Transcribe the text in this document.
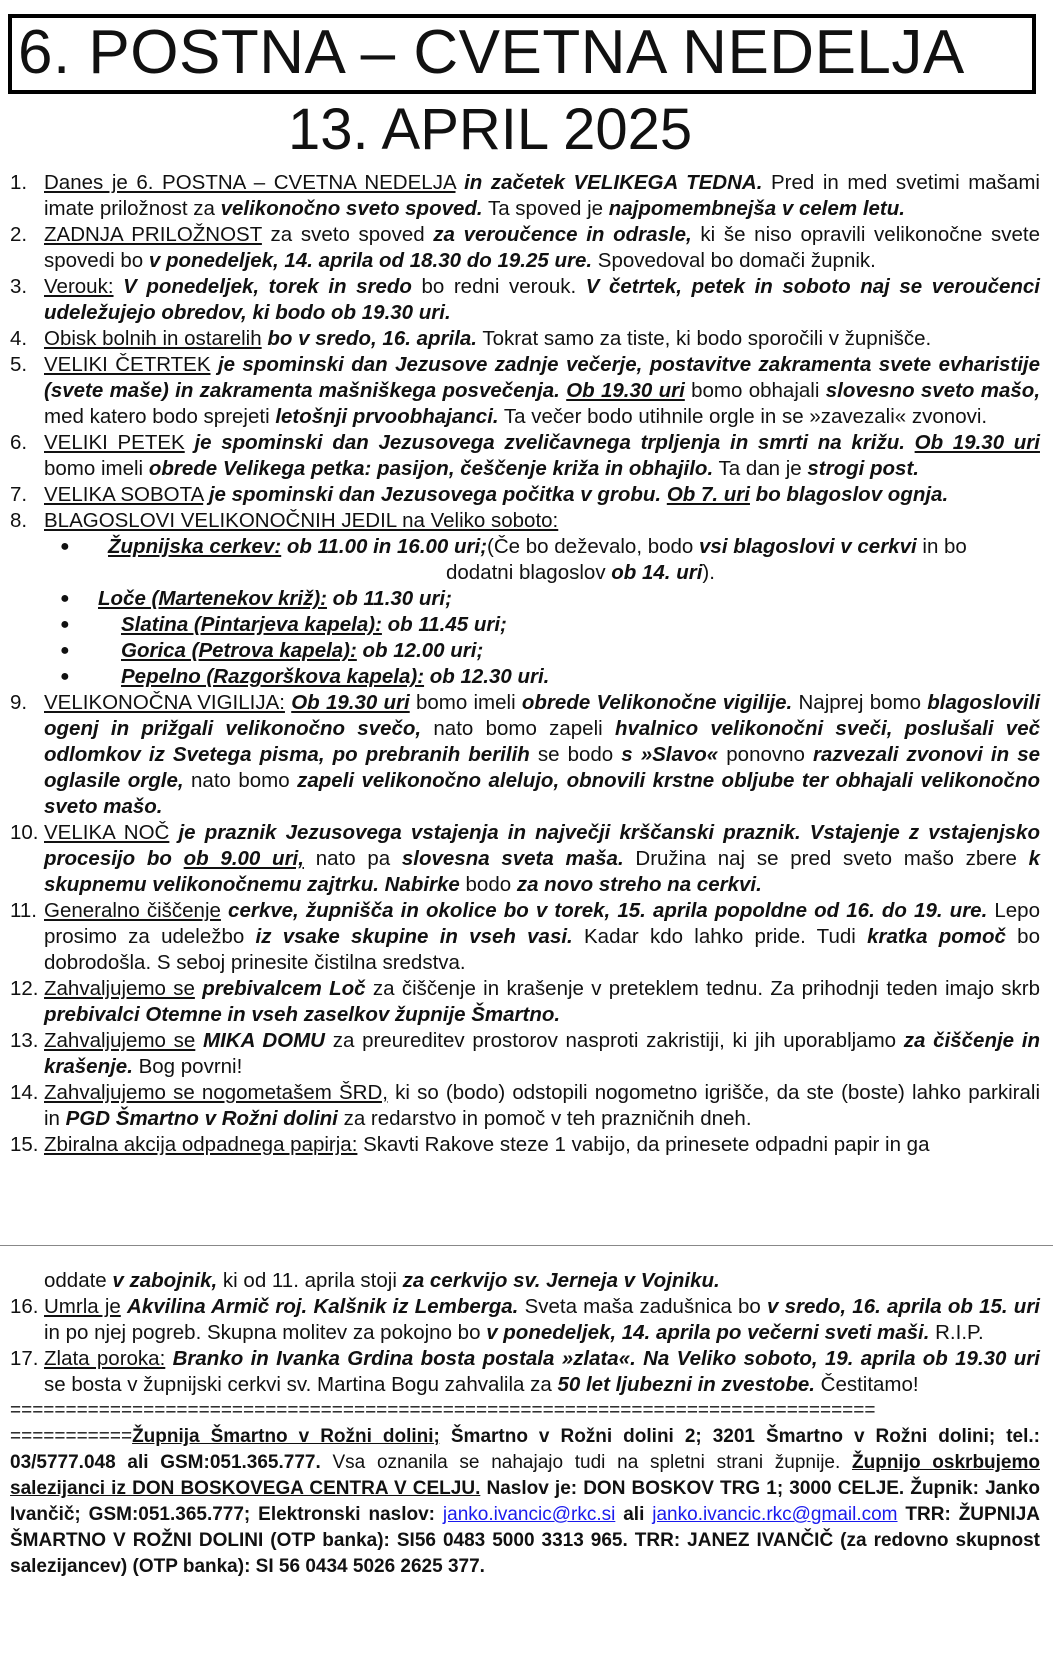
6. POSTNA – CVETNA NEDELJA
13. APRIL 2025
1. Danes je 6. POSTNA – CVETNA NEDELJA in začetek VELIKEGA TEDNA. Pred in med svetimi mašami imate priložnost za velikonočno sveto spoved. Ta spoved je najpomembnejša v celem letu.
2. ZADNJA PRILOŽNOST za sveto spoved za veroučence in odrasle, ki še niso opravili velikonočne svete spovedi bo v ponedeljek, 14. aprila od 18.30 do 19.25 ure. Spovedoval bo domači župnik.
3. Verouk: V ponedeljek, torek in sredo bo redni verouk. V četrtek, petek in soboto naj se veroučenci udeležujejo obredov, ki bodo ob 19.30 uri.
4. Obisk bolnih in ostarelih bo v sredo, 16. aprila. Tokrat samo za tiste, ki bodo sporočili v župnišče.
5. VELIKI ČETRTEK je spominski dan Jezusove zadnje večerje, postavitve zakramenta svete evharistije (svete maše) in zakramenta mašniškega posvečenja. Ob 19.30 uri bomo obhajali slovesno sveto mašo, med katero bodo sprejeti letošnji prvoobhajanci. Ta večer bodo utihnile orgle in se »zavezali« zvonovi.
6. VELIKI PETEK je spominski dan Jezusovega zveličavnega trpljenja in smrti na križu. Ob 19.30 uri bomo imeli obrede Velikega petka: pasijon, češčenje križa in obhajilo. Ta dan je strogi post.
7. VELIKA SOBOTA je spominski dan Jezusovega počitka v grobu. Ob 7. uri bo blagoslov ognja.
8. BLAGOSLOVI VELIKONOČNIH JEDIL na Veliko soboto:
● Župnijska cerkev: ob 11.00 in 16.00 uri;(Če bo deževalo, bodo vsi blagoslovi v cerkvi in bo
dodatni blagoslov ob 14. uri).
● Loče (Martenekov križ): ob 11.30 uri;
●	Slatina (Pintarjeva kapela): ob 11.45 uri;
●	Gorica (Petrova kapela): ob 12.00 uri;
●	Pepelno (Razgorškova kapela): ob 12.30 uri.
9. VELIKONOČNA VIGILIJA: Ob 19.30 uri bomo imeli obrede Velikonočne vigilije. Najprej bomo blagoslovili ogenj in prižgali velikonočno svečo, nato bomo zapeli hvalnico velikonočni sveči, poslušali več odlomkov iz Svetega pisma, po prebranih berilih se bodo s »Slavo« ponovno razvezali zvonovi in se oglasile orgle, nato bomo zapeli velikonočno alelujo, obnovili krstne obljube ter obhajali velikonočno sveto mašo.
10. VELIKA NOČ je praznik Jezusovega vstajenja in največji krščanski praznik. Vstajenje z vstajenjsko procesijo bo ob 9.00 uri, nato pa slovesna sveta maša. Družina naj se pred sveto mašo zbere k skupnemu velikonočnemu zajtrku. Nabirke bodo za novo streho na cerkvi.
11. Generalno čiščenje cerkve, župnišča in okolice bo v torek, 15. aprila popoldne od 16. do 19. ure. Lepo prosimo za udeležbo iz vsake skupine in vseh vasi. Kadar kdo lahko pride. Tudi kratka pomoč bo dobrodošla. S seboj prinesite čistilna sredstva.
12. Zahvaljujemo se prebivalcem Loč za čiščenje in krašenje v preteklem tednu. Za prihodnji teden imajo skrb prebivalci Otemne in vseh zaselkov župnije Šmartno.
13. Zahvaljujemo se MIKA DOMU za preureditev prostorov nasproti zakristiji, ki jih uporabljamo za čiščenje in krašenje. Bog povrni!
14. Zahvaljujemo se nogometašem ŠRD, ki so (bodo) odstopili nogometno igrišče, da ste (boste) lahko parkirali in PGD Šmartno v Rožni dolini za redarstvo in pomoč v teh prazničnih dneh.
15. Zbiralna akcija odpadnega papirja: Skavti Rakove steze 1 vabijo, da prinesete odpadni papir in ga
oddate v zabojnik, ki od 11. aprila stoji za cerkvijo sv. Jerneja v Vojniku.
16. Umrla je Akvilina Armič roj. Kalšnik iz Lemberga. Sveta maša zadušnica bo v sredo, 16. aprila ob 15. uri in po njej pogreb. Skupna molitev za pokojno bo v ponedeljek, 14. aprila po večerni sveti maši. R.I.P.
17. Zlata poroka: Branko in Ivanka Grdina bosta postala »zlata«. Na Veliko soboto, 19. aprila ob 19.30 uri se bosta v župnijski cerkvi sv. Martina Bogu zahvalila za 50 let ljubezni in zvestobe. Čestitamo!
==============================================================================
===========Župnija Šmartno v Rožni dolini; Šmartno v Rožni dolini 2; 3201 Šmartno v Rožni dolini; tel.: 03/5777.048 ali GSM:051.365.777. Vsa oznanila se nahajajo tudi na spletni strani župnije. Župnijo oskrbujemo salezijanci iz DON BOSKOVEGA CENTRA V CELJU. Naslov je: DON BOSKOV TRG 1; 3000 CELJE. Župnik: Janko Ivančič; GSM:051.365.777; Elektronski naslov: janko.ivancic@rkc.si ali janko.ivancic.rkc@gmail.com TRR: ŽUPNIJA ŠMARTNO V ROŽNI DOLINI (OTP banka): SI56 0483 5000 3313 965. TRR: JANEZ IVANČIČ (za redovno skupnost salezijancev) (OTP banka): SI 56 0434 5026 2625 377.
